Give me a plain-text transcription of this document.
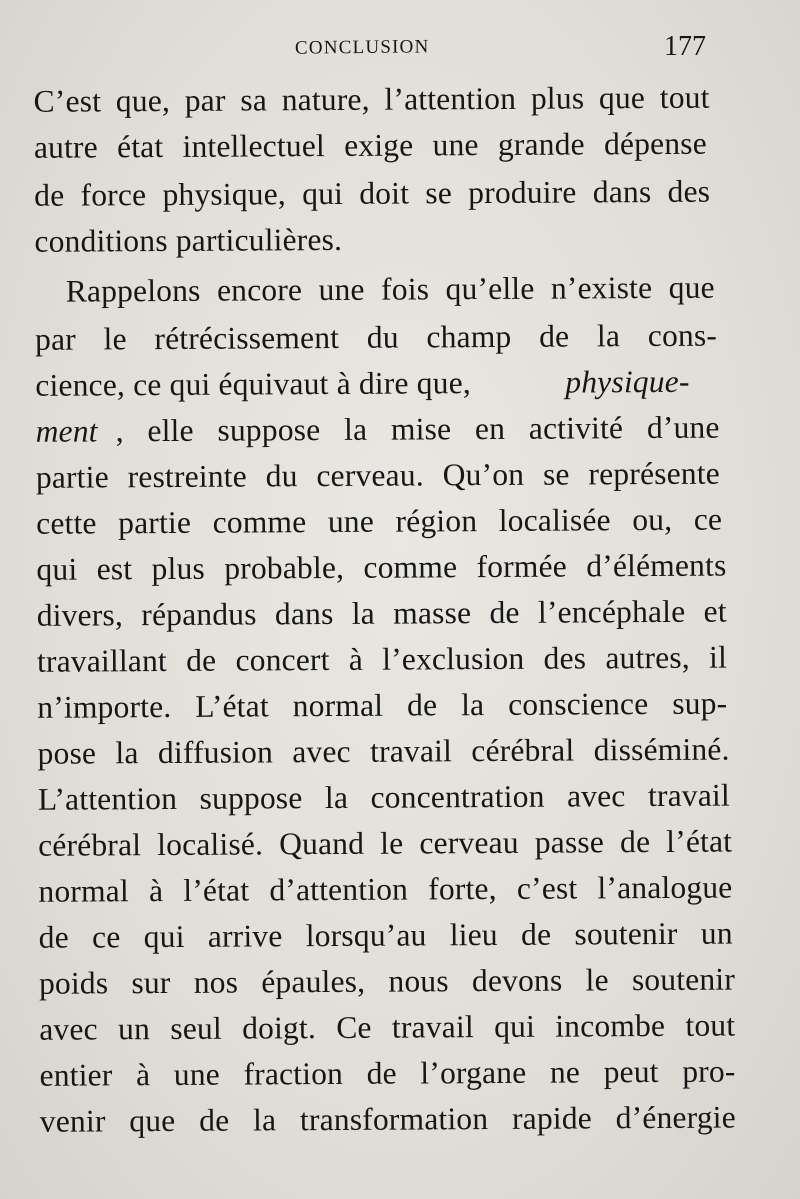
CONCLUSION	177
C’est que, par sa nature, l’attention plus que tout
autre état intellectuel exige une grande dépense
de force physique, qui doit se produire dans des
conditions particulières.
Rappelons encore une fois qu’elle n’existe que
par le rétrécissement du champ de la cons-
cience, ce qui équivaut à dire que,	physique-
ment , elle suppose la mise en activité d’une
partie restreinte du cerveau. Qu’on se représente
cette partie comme une région localisée ou, ce
qui est plus probable, comme formée d’éléments
divers, répandus dans la masse de l’encéphale et
travaillant de concert à l’exclusion des autres, il
n’importe. L’état normal de la conscience sup-
pose la diffusion avec travail cérébral disséminé.
L’attention suppose la concentration avec travail
cérébral localisé. Quand le cerveau passe de l’état
normal à l’état d’attention forte, c’est l’analogue
de ce qui arrive lorsqu’au lieu de soutenir un
poids sur nos épaules, nous devons le soutenir
avec un seul doigt. Ce travail qui incombe tout
entier à une fraction de l’organe ne peut pro-
venir que de la transformation rapide d’énergie
